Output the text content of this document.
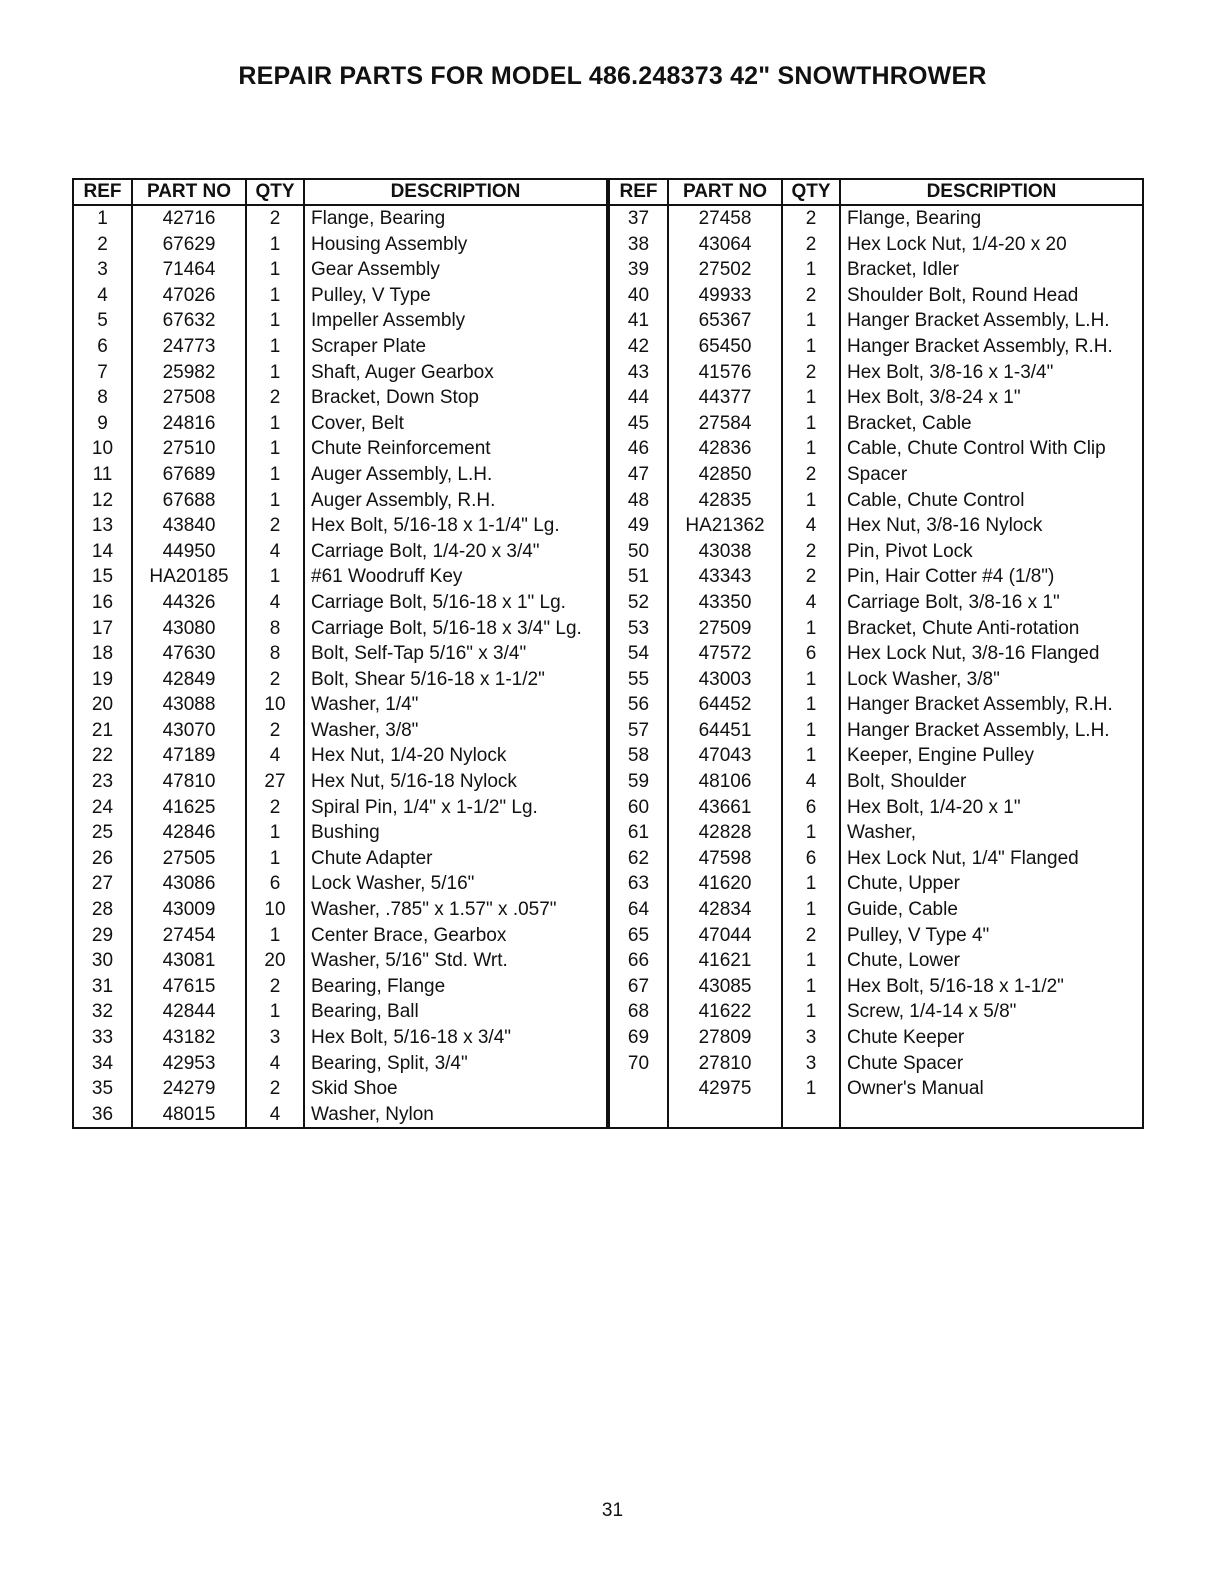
REPAIR PARTS FOR MODEL 486.248373 42" SNOWTHROWER
REF	PART NO	QTY	DESCRIPTION
1	42716	2	Flange, Bearing
2	67629	1	Housing Assembly
3	71464	1	Gear Assembly
4	47026	1	Pulley, V Type
5	67632	1	Impeller Assembly
6	24773	1	Scraper Plate
7	25982	1	Shaft, Auger Gearbox
8	27508	2	Bracket, Down Stop
9	24816	1	Cover, Belt
10	27510	1	Chute Reinforcement
11	67689	1	Auger Assembly, L.H.
12	67688	1	Auger Assembly, R.H.
13	43840	2	Hex Bolt, 5/16-18 x 1-1/4" Lg.
14	44950	4	Carriage Bolt, 1/4-20 x 3/4"
15	HA20185	1	#61 Woodruff Key
16	44326	4	Carriage Bolt, 5/16-18 x 1" Lg.
17	43080	8	Carriage Bolt, 5/16-18 x 3/4" Lg.
18	47630	8	Bolt, Self-Tap 5/16" x 3/4"
19	42849	2	Bolt, Shear 5/16-18 x 1-1/2"
20	43088	10	Washer, 1/4"
21	43070	2	Washer, 3/8"
22	47189	4	Hex Nut, 1/4-20 Nylock
23	47810	27	Hex Nut, 5/16-18 Nylock
24	41625	2	Spiral Pin, 1/4" x 1-1/2" Lg.
25	42846	1	Bushing
26	27505	1	Chute Adapter
27	43086	6	Lock Washer, 5/16"
28	43009	10	Washer, .785" x 1.57" x .057"
29	27454	1	Center Brace, Gearbox
30	43081	20	Washer, 5/16" Std. Wrt.
31	47615	2	Bearing, Flange
32	42844	1	Bearing, Ball
33	43182	3	Hex Bolt, 5/16-18 x 3/4"
34	42953	4	Bearing, Split, 3/4"
35	24279	2	Skid Shoe
36	48015	4	Washer, Nylon
REF	PART NO	QTY	DESCRIPTION
37	27458	2	Flange, Bearing
38	43064	2	Hex Lock Nut, 1/4-20 x 20
39	27502	1	Bracket, Idler
40	49933	2	Shoulder Bolt, Round Head
41	65367	1	Hanger Bracket Assembly, L.H.
42	65450	1	Hanger Bracket Assembly, R.H.
43	41576	2	Hex Bolt, 3/8-16 x 1-3/4"
44	44377	1	Hex Bolt, 3/8-24 x 1"
45	27584	1	Bracket, Cable
46	42836	1	Cable, Chute Control With Clip
47	42850	2	Spacer
48	42835	1	Cable, Chute Control
49	HA21362	4	Hex Nut, 3/8-16 Nylock
50	43038	2	Pin, Pivot Lock
51	43343	2	Pin, Hair Cotter #4 (1/8")
52	43350	4	Carriage Bolt, 3/8-16 x 1"
53	27509	1	Bracket, Chute Anti-rotation
54	47572	6	Hex Lock Nut, 3/8-16 Flanged
55	43003	1	Lock Washer, 3/8"
56	64452	1	Hanger Bracket Assembly, R.H.
57	64451	1	Hanger Bracket Assembly, L.H.
58	47043	1	Keeper, Engine Pulley
59	48106	4	Bolt, Shoulder
60	43661	6	Hex Bolt, 1/4-20 x 1"
61	42828	1	Washer,
62	47598	6	Hex Lock Nut, 1/4" Flanged
63	41620	1	Chute, Upper
64	42834	1	Guide, Cable
65	47044	2	Pulley, V Type 4"
66	41621	1	Chute, Lower
67	43085	1	Hex Bolt, 5/16-18 x 1-1/2"
68	41622	1	Screw, 1/4-14 x 5/8"
69	27809	3	Chute Keeper
70	27810	3	Chute Spacer
	42975	1	Owner's Manual

31
